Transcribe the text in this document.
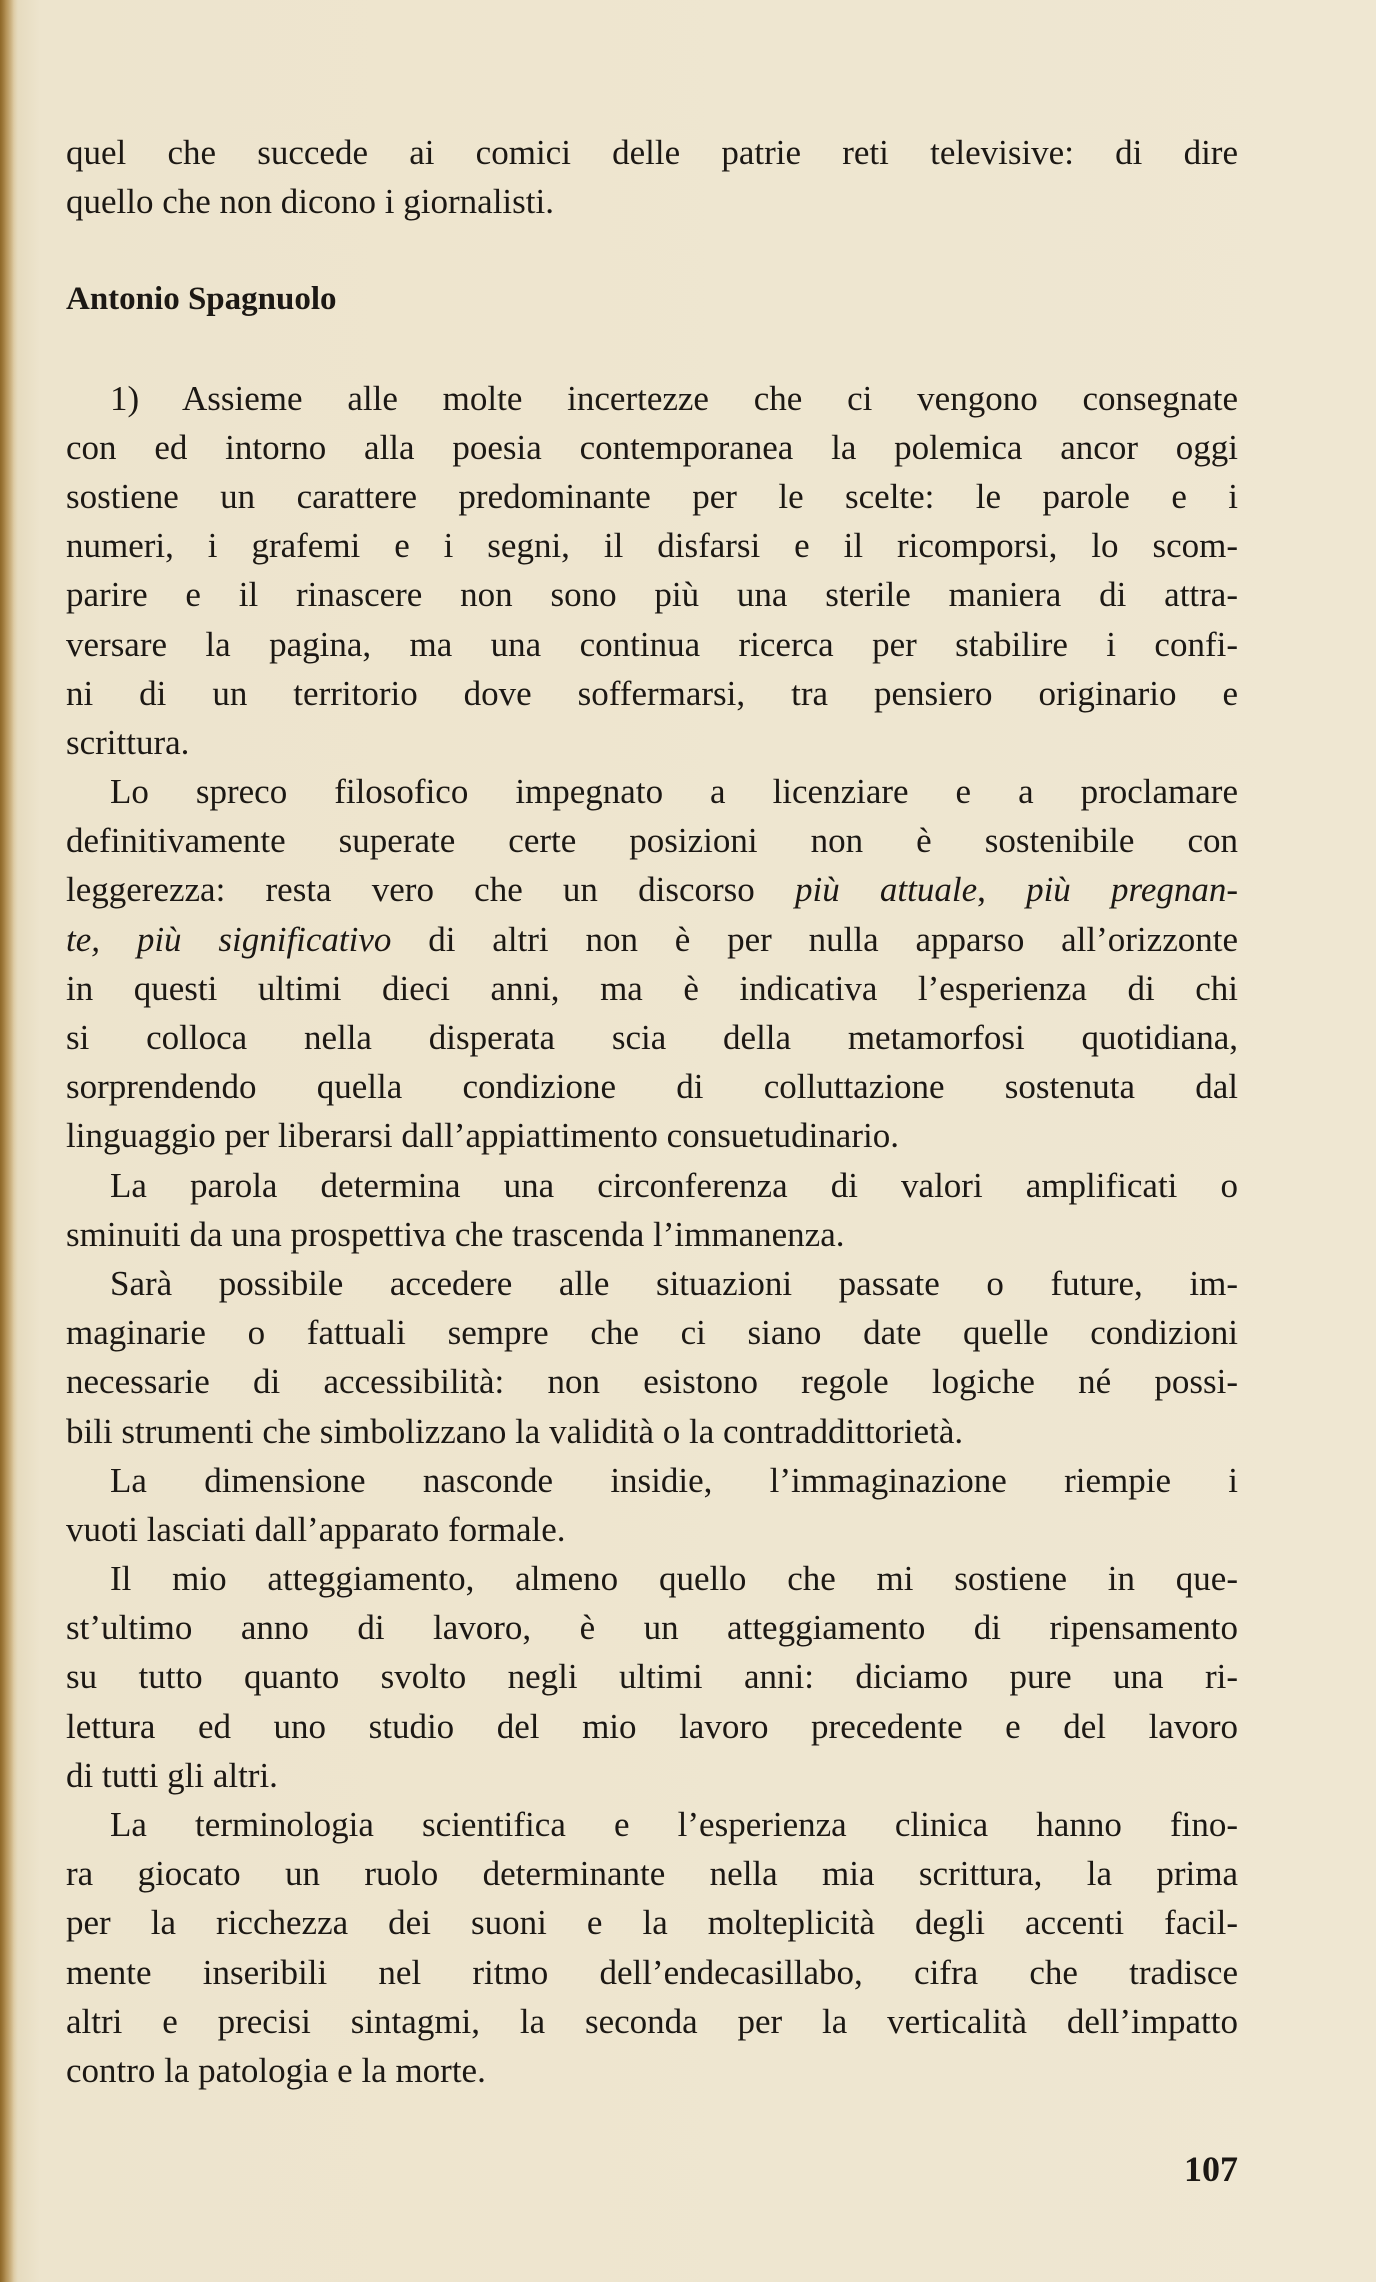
quel che succede ai comici delle patrie reti televisive: di dire
quello che non dicono i giornalisti.
Antonio Spagnuolo
1) Assieme alle molte incertezze che ci vengono consegnate
con ed intorno alla poesia contemporanea la polemica ancor oggi
sostiene un carattere predominante per le scelte: le parole e i
numeri, i grafemi e i segni, il disfarsi e il ricomporsi, lo scom-
parire e il rinascere non sono più una sterile maniera di attra-
versare la pagina, ma una continua ricerca per stabilire i confi-
ni di un territorio dove soffermarsi, tra pensiero originario e
scrittura.
Lo spreco filosofico impegnato a licenziare e a proclamare
definitivamente superate certe posizioni non è sostenibile con
leggerezza: resta vero che un discorso più attuale, più pregnan-
te, più significativo di altri non è per nulla apparso all’orizzonte
in questi ultimi dieci anni, ma è indicativa l’esperienza di chi
si colloca nella disperata scia della metamorfosi quotidiana,
sorprendendo quella condizione di colluttazione sostenuta dal
linguaggio per liberarsi dall’appiattimento consuetudinario.
La parola determina una circonferenza di valori amplificati o
sminuiti da una prospettiva che trascenda l’immanenza.
Sarà possibile accedere alle situazioni passate o future, im-
maginarie o fattuali sempre che ci siano date quelle condizioni
necessarie di accessibilità: non esistono regole logiche né possi-
bili strumenti che simbolizzano la validità o la contraddittorietà.
La dimensione nasconde insidie, l’immaginazione riempie i
vuoti lasciati dall’apparato formale.
Il mio atteggiamento, almeno quello che mi sostiene in que-
st’ultimo anno di lavoro, è un atteggiamento di ripensamento
su tutto quanto svolto negli ultimi anni: diciamo pure una ri-
lettura ed uno studio del mio lavoro precedente e del lavoro
di tutti gli altri.
La terminologia scientifica e l’esperienza clinica hanno fino-
ra giocato un ruolo determinante nella mia scrittura, la prima
per la ricchezza dei suoni e la molteplicità degli accenti facil-
mente inseribili nel ritmo dell’endecasillabo, cifra che tradisce
altri e precisi sintagmi, la seconda per la verticalità dell’impatto
contro la patologia e la morte.
107
